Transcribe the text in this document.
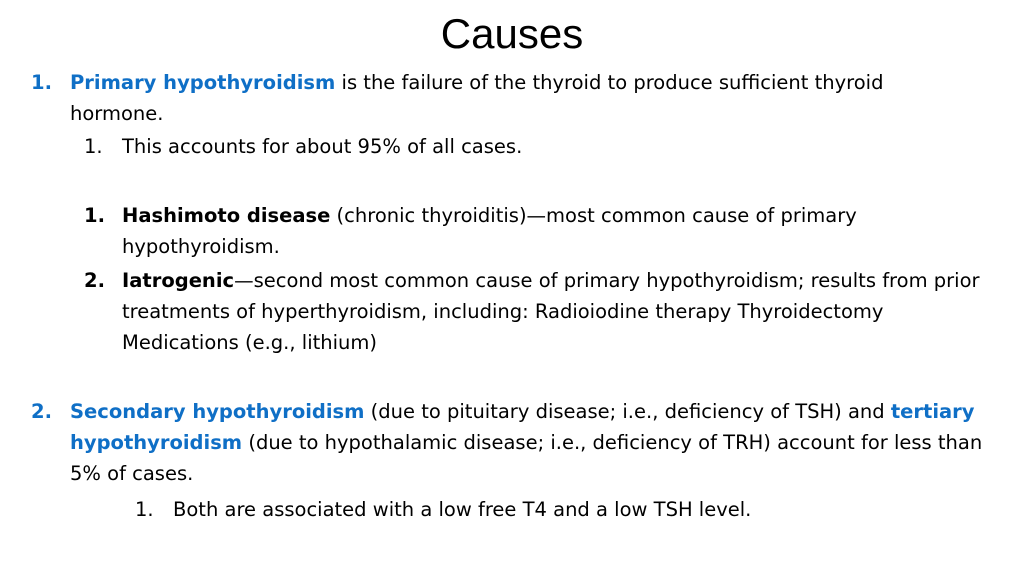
Causes
1. Primary hypothyroidism is the failure of the thyroid to produce sufficient thyroid hormone.
1. This accounts for about 95% of all cases.
1. Hashimoto disease (chronic thyroiditis)—most common cause of primary hypothyroidism.
2. Iatrogenic—second most common cause of primary hypothyroidism; results from prior treatments of hyperthyroidism, including: Radioiodine therapy Thyroidectomy Medications (e.g., lithium)
2. Secondary hypothyroidism (due to pituitary disease; i.e., deficiency of TSH) and tertiary hypothyroidism (due to hypothalamic disease; i.e., deficiency of TRH) account for less than 5% of cases.
1. Both are associated with a low free T4 and a low TSH level.
